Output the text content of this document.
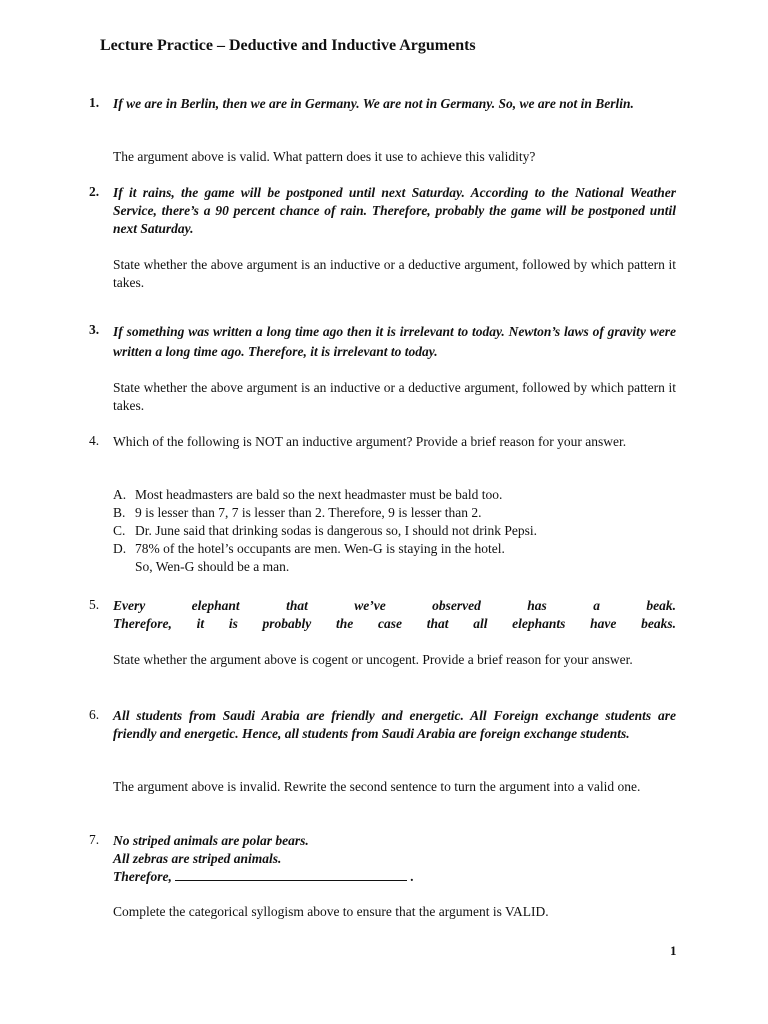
Lecture Practice – Deductive and Inductive Arguments
1. If we are in Berlin, then we are in Germany. We are not in Germany. So, we are not in Berlin.
The argument above is valid. What pattern does it use to achieve this validity?
2. If it rains, the game will be postponed until next Saturday. According to the National Weather Service, there’s a 90 percent chance of rain. Therefore, probably the game will be postponed until next Saturday.
State whether the above argument is an inductive or a deductive argument, followed by which pattern it takes.
3. If something was written a long time ago then it is irrelevant to today. Newton’s laws of gravity were written a long time ago. Therefore, it is irrelevant to today.
State whether the above argument is an inductive or a deductive argument, followed by which pattern it takes.
4. Which of the following is NOT an inductive argument? Provide a brief reason for your answer.
A. Most headmasters are bald so the next headmaster must be bald too.
B. 9 is lesser than 7, 7 is lesser than 2. Therefore, 9 is lesser than 2.
C. Dr. June said that drinking sodas is dangerous so, I should not drink Pepsi.
D. 78% of the hotel’s occupants are men. Wen-G is staying in the hotel.
So, Wen-G should be a man.
5. Every elephant that we’ve observed has a beak.
Therefore, it is probably the case that all elephants have beaks.
State whether the argument above is cogent or uncogent. Provide a brief reason for your answer.
6. All students from Saudi Arabia are friendly and energetic. All Foreign exchange students are friendly and energetic. Hence, all students from Saudi Arabia are foreign exchange students.
The argument above is invalid. Rewrite the second sentence to turn the argument into a valid one.
7. No striped animals are polar bears.
All zebras are striped animals.
Therefore,	.
Complete the categorical syllogism above to ensure that the argument is VALID.
1
